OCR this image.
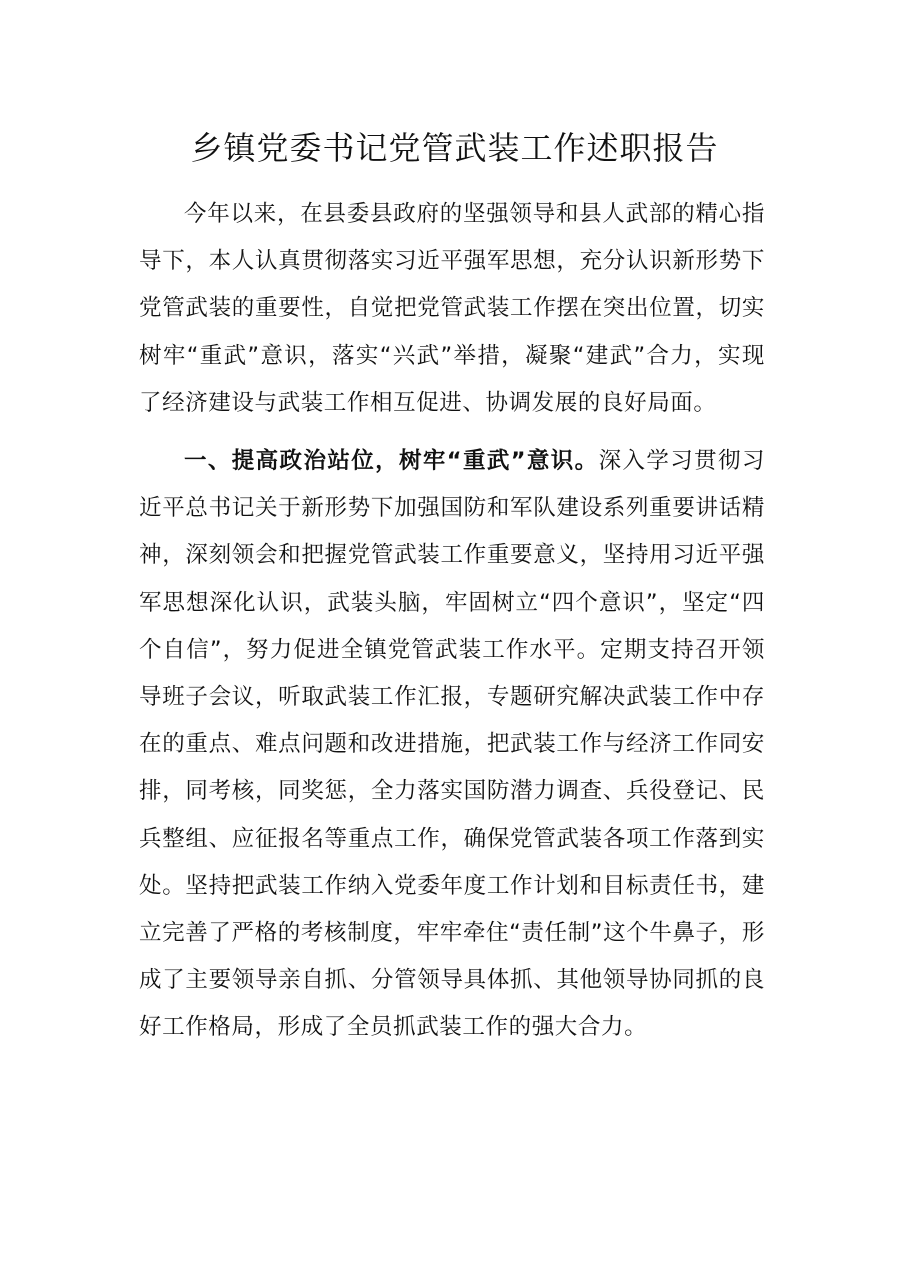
乡镇党委书记党管武装工作述职报告

今年以来，在县委县政府的坚强领导和县人武部的精心指导下，本人认真贯彻落实习近平强军思想，充分认识新形势下党管武装的重要性，自觉把党管武装工作摆在突出位置，切实树牢“重武”意识，落实“兴武”举措，凝聚“建武”合力，实现了经济建设与武装工作相互促进、协调发展的良好局面。

一、提高政治站位，树牢“重武”意识。深入学习贯彻习近平总书记关于新形势下加强国防和军队建设系列重要讲话精神，深刻领会和把握党管武装工作重要意义，坚持用习近平强军思想深化认识，武装头脑，牢固树立“四个意识”，坚定“四个自信”，努力促进全镇党管武装工作水平。定期支持召开领导班子会议，听取武装工作汇报，专题研究解决武装工作中存在的重点、难点问题和改进措施，把武装工作与经济工作同安排，同考核，同奖惩，全力落实国防潜力调查、兵役登记、民兵整组、应征报名等重点工作，确保党管武装各项工作落到实处。坚持把武装工作纳入党委年度工作计划和目标责任书，建立完善了严格的考核制度，牢牢牵住“责任制”这个牛鼻子，形成了主要领导亲自抓、分管领导具体抓、其他领导协同抓的良好工作格局，形成了全员抓武装工作的强大合力。
